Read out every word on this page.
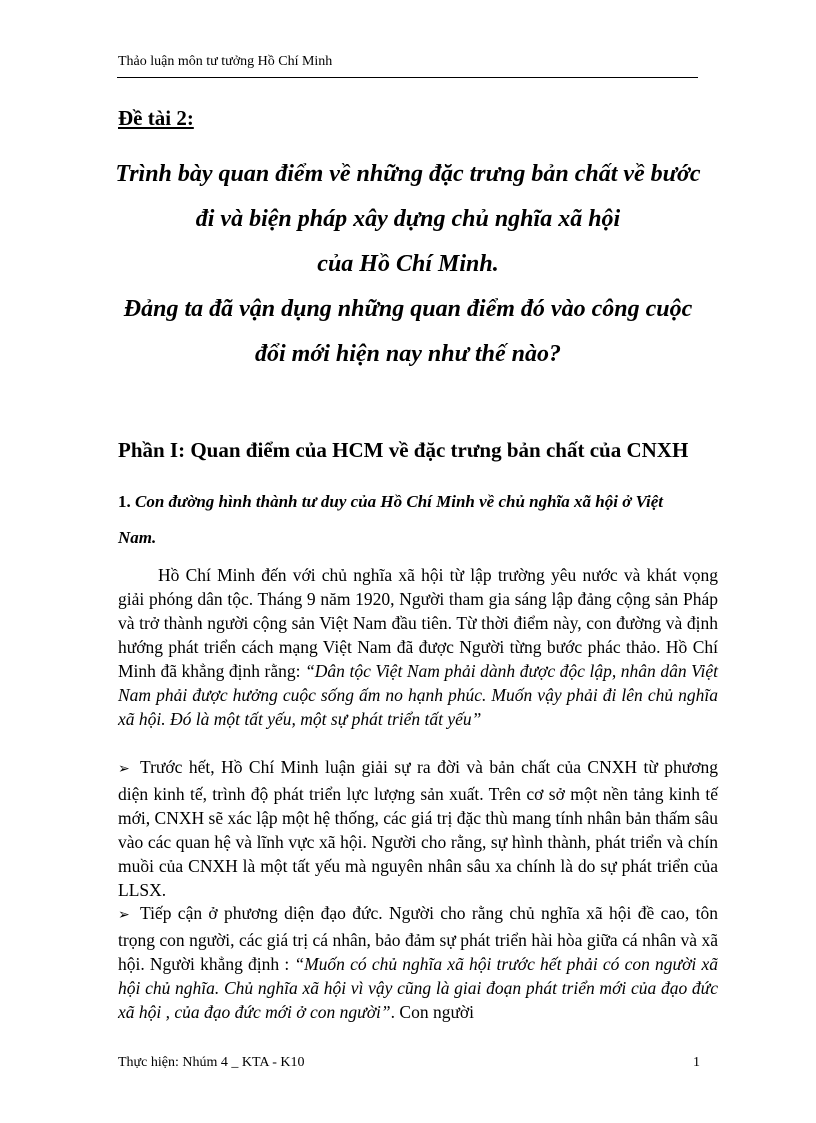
Thảo luận môn tư tưởng Hồ Chí Minh
Đề tài 2:
Trình bày quan điểm về những đặc trưng bản chất về bước
đi và biện pháp xây dựng chủ nghĩa xã hội
của Hồ Chí Minh.
Đảng ta đã vận dụng những quan điểm đó vào công cuộc
đổi mới hiện nay như thế nào?
Phần I: Quan điểm của HCM về đặc trưng bản chất của CNXH
1. Con đường hình thành tư duy của Hồ Chí Minh về chủ nghĩa xã hội ở Việt Nam.
Hồ Chí Minh đến với chủ nghĩa xã hội từ lập trường yêu nước và khát vọng giải phóng dân tộc. Tháng 9 năm 1920, Người tham gia sáng lập đảng cộng sản Pháp và trở thành người cộng sản Việt Nam đầu tiên. Từ thời điểm này, con đường và định hướng phát triển cách mạng Việt Nam đã được Người từng bước phác thảo. Hồ Chí Minh đã khẳng định rằng: “Dân tộc Việt Nam phải dành được độc lập, nhân dân Việt Nam phải được hưởng cuộc sống ấm no hạnh phúc. Muốn vậy phải đi lên chủ nghĩa xã hội. Đó là một tất yếu, một sự phát triển tất yếu”
➢ Trước hết, Hồ Chí Minh luận giải sự ra đời và bản chất của CNXH từ phương diện kinh tế, trình độ phát triển lực lượng sản xuất. Trên cơ sở một nền tảng kinh tế mới, CNXH sẽ xác lập một hệ thống, các giá trị đặc thù mang tính nhân bản thấm sâu vào các quan hệ và lĩnh vực xã hội. Người cho rằng, sự hình thành, phát triển và chín muồi của CNXH là một tất yếu mà nguyên nhân sâu xa chính là do sự phát triển của LLSX.
➢ Tiếp cận ở phương diện đạo đức. Người cho rằng chủ nghĩa xã hội đề cao, tôn trọng con người, các giá trị cá nhân, bảo đảm sự phát triển hài hòa giữa cá nhân và xã hội. Người khẳng định : “Muốn có chủ nghĩa xã hội trước hết phải có con người xã hội chủ nghĩa. Chủ nghĩa xã hội vì vậy cũng là giai đoạn phát triển mới của đạo đức xã hội , của đạo đức mới ở con người”. Con người
Thực hiện: Nhúm 4 _ KTA - K10	1
